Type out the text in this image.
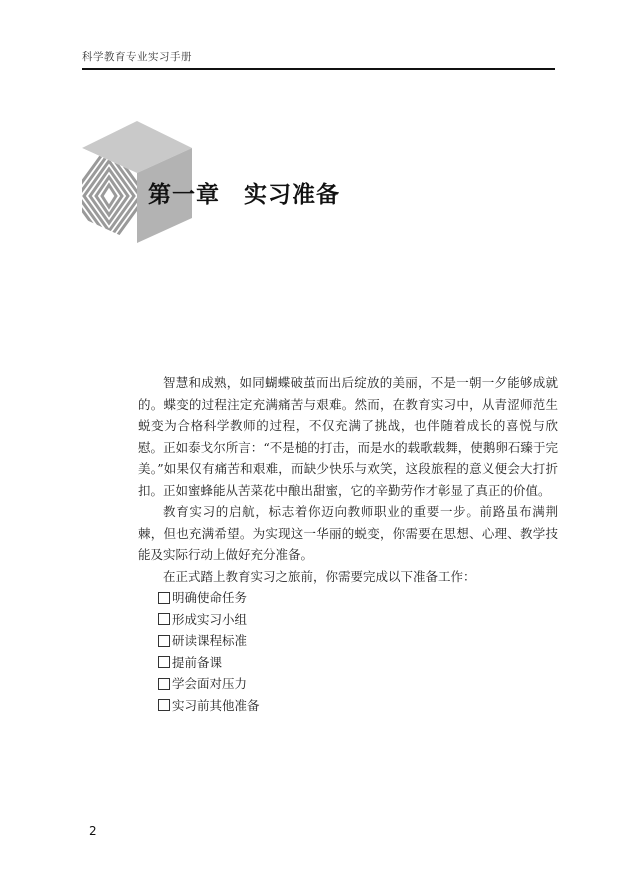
科学教育专业实习手册
第一章　实习准备

智慧和成熟，如同蝴蝶破茧而出后绽放的美丽，不是一朝一夕能够成就的。蝶变的过程注定充满痛苦与艰难。然而，在教育实习中，从青涩师范生蜕变为合格科学教师的过程，不仅充满了挑战，也伴随着成长的喜悦与欣慰。正如泰戈尔所言：“不是槌的打击，而是水的载歌载舞，使鹅卵石臻于完美。”如果仅有痛苦和艰难，而缺少快乐与欢笑，这段旅程的意义便会大打折扣。正如蜜蜂能从苦菜花中酿出甜蜜，它的辛勤劳作才彰显了真正的价值。

教育实习的启航，标志着你迈向教师职业的重要一步。前路虽布满荆棘，但也充满希望。为实现这一华丽的蜕变，你需要在思想、心理、教学技能及实际行动上做好充分准备。

在正式踏上教育实习之旅前，你需要完成以下准备工作：

明确使命任务
形成实习小组
研读课程标准
提前备课
学会面对压力
实习前其他准备
2
